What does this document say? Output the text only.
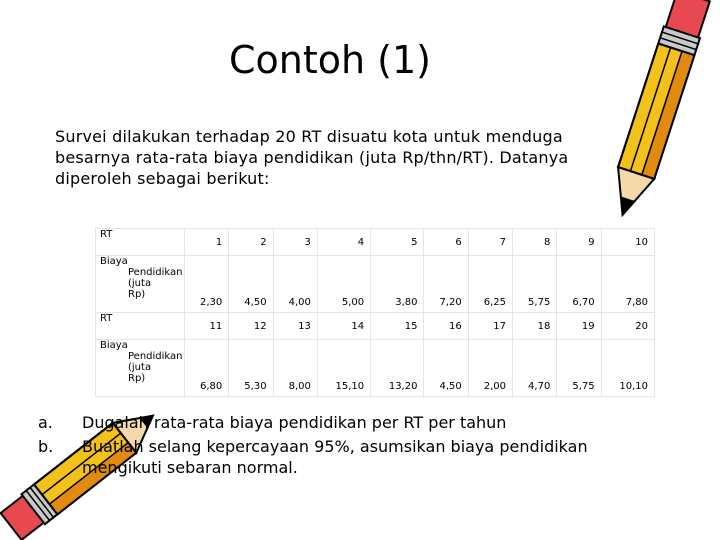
Contoh (1)
Survei dilakukan terhadap 20 RT disuatu kota untuk menduga besarnya rata-rata biaya pendidikan (juta Rp/thn/RT). Datanya diperoleh sebagai berikut:
RT	1	2	3	4	5	6	7	8	9	10
Biaya
Pendidikan (juta Rp)	2,30	4,50	4,00	5,00	3,80	7,20	6,25	5,75	6,70	7,80
RT	11	12	13	14	15	16	17	18	19	20
Biaya
Pendidikan (juta Rp)	6,80	5,30	8,00	15,10	13,20	4,50	2,00	4,70	5,75	10,10
a. Dugalah rata-rata biaya pendidikan per RT per tahun
b. Buatlah selang kepercayaan 95%, asumsikan biaya pendidikan
mengikuti sebaran normal.
